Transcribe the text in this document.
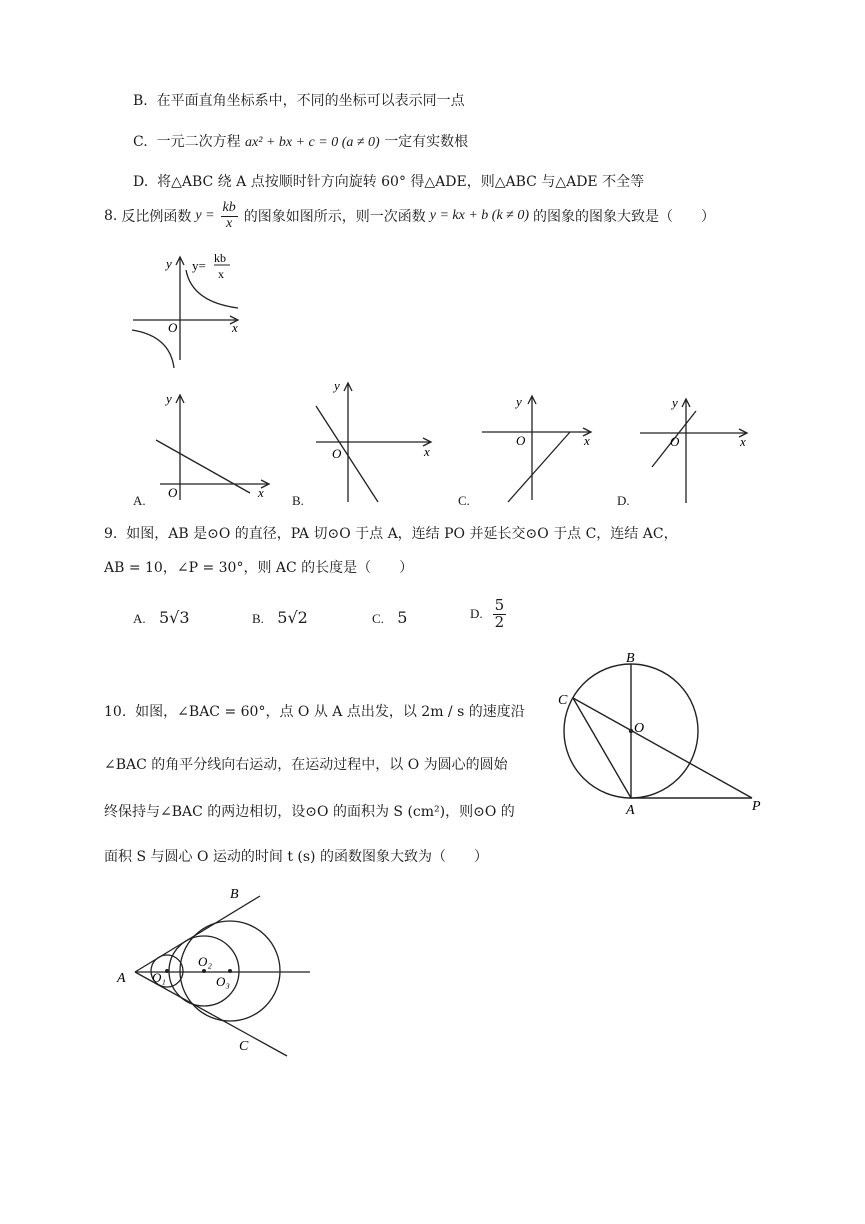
B. 在平面直角坐标系中，不同的坐标可以表示同一点
C. 一元二次方程 ax² + bx + c = 0 (a ≠ 0) 一定有实数根
D. 将△ABC 绕 A 点按顺时针方向旋转 60° 得△ADE，则△ABC 与△ADE 不全等
8. 反比例函数 $y = \frac{kb}{x}$ 的图象如图所示，则一次函数 y = kx + b (k ≠ 0) 的图象的图象大致是（　　）
y y= kb
x
O	x
y
O	x
A.
y
O	x
B.
y
O	x
C.
y
O	x
D.
9. 如图，AB 是⊙O 的直径，PA 切⊙O 于点 A，连结 PO 并延长交⊙O 于点 C，连结 AC，
AB = 10，∠P = 30°，则 AC 的长度是（　　）
A. 5√3	B. 5√2	C. 5	D. $\frac{5}{2}$
B
C
O
A	P
10. 如图，∠BAC = 60°，点 O 从 A 点出发，以 2m / s 的速度沿
∠BAC 的角平分线向右运动，在运动过程中，以 O 为圆心的圆始
终保持与∠BAC 的两边相切，设⊙O 的面积为 S (cm²)，则⊙O 的
面积 S 与圆心 O 运动的时间 t (s) 的函数图象大致为（　　）
B
A
C
O₁
O₂
O₃
